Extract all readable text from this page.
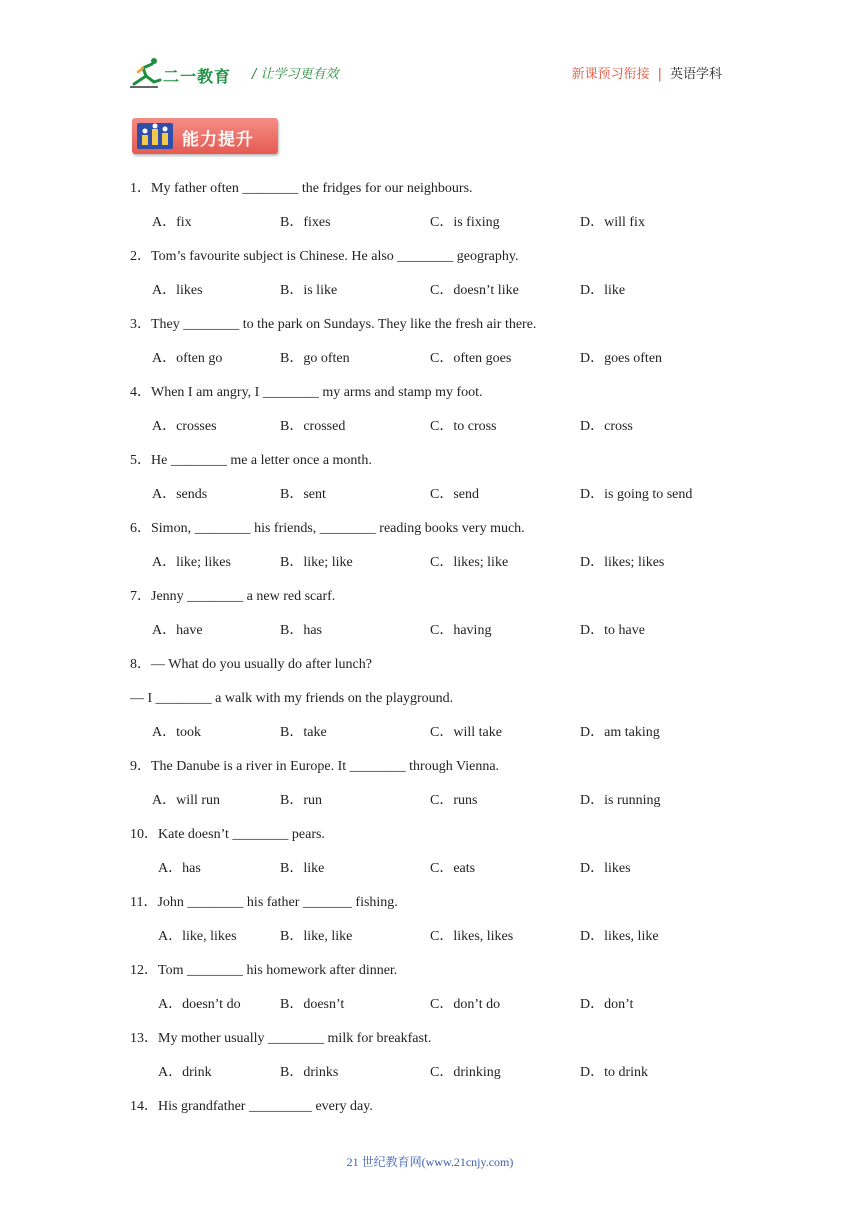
二一教育 / 让学习更有效	新课预习衔接 | 英语学科
能力提升
1．My father often ________ the fridges for our neighbours.
A．fix	B．fixes	C．is fixing	D．will fix
2．Tom’s favourite subject is Chinese. He also ________ geography.
A．likes	B．is like	C．doesn’t like	D．like
3．They ________ to the park on Sundays. They like the fresh air there.
A．often go	B．go often	C．often goes	D．goes often
4．When I am angry, I ________ my arms and stamp my foot.
A．crosses	B．crossed	C．to cross	D．cross
5．He ________ me a letter once a month.
A．sends	B．sent	C．send	D．is going to send
6．Simon, ________ his friends, ________ reading books very much.
A．like; likes	B．like; like	C．likes; like	D．likes; likes
7．Jenny ________ a new red scarf.
A．have	B．has	C．having	D．to have
8．— What do you usually do after lunch?
— I ________ a walk with my friends on the playground.
A．took	B．take	C．will take	D．am taking
9．The Danube is a river in Europe. It ________ through Vienna.
A．will run	B．run	C．runs	D．is running
10．Kate doesn’t ________ pears.
A．has	B．like	C．eats	D．likes
11．John ________ his father _______ fishing.
A．like, likes	B．like, like	C．likes, likes	D．likes, like
12．Tom ________ his homework after dinner.
A．doesn’t do	B．doesn’t	C．don’t do	D．don’t
13．My mother usually ________ milk for breakfast.
A．drink	B．drinks	C．drinking	D．to drink
14．His grandfather _________ every day.
21 世纪教育网(www.21cnjy.com)
